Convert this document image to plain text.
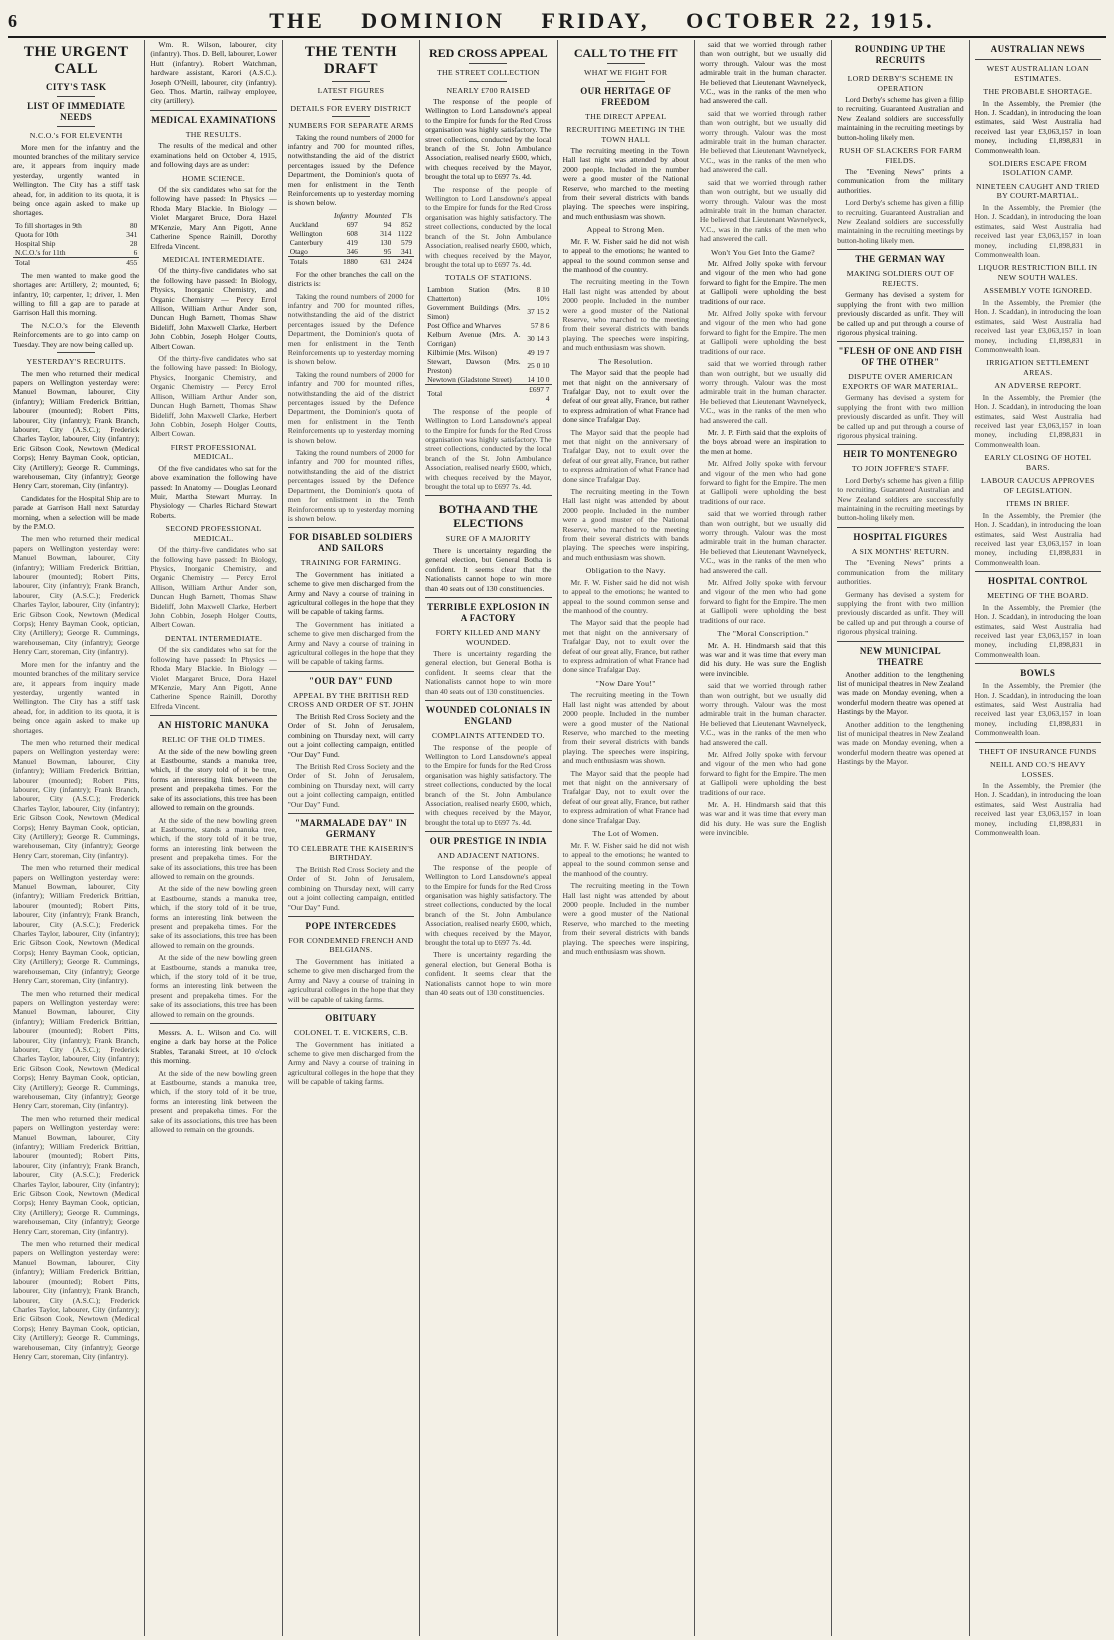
6	THE DOMINION FRIDAY, OCTOBER 22, 1915.
THE URGENT CALL
CITY'S TASK
LIST OF IMMEDIATE NEEDS
N.C.O.'s FOR ELEVENTH

More men for the infantry and the mounted branches of the military service are, it appears from inquiry made yesterday, urgently wanted in Wellington. The City has a stiff task ahead, for, in addition to its quota, it is being once again asked to make up shortages.

To fill shortages in 9th	80
Quota for 10th	341
Hospital Ship	28
N.C.O.'s for 11th	6
Total	455

The men wanted to make good the shortages are: Artillery, 2; mounted, 6; infantry, 10; carpenter, 1; driver, 1. Men willing to fill a gap are to parade at Garrison Hall this morning.

The N.C.O.'s for the Eleventh Reinforcements are to go into camp on Tuesday. They are now being called up.

YESTERDAY'S RECRUITS.

The men who returned their medical papers on Wellington yesterday were: Manuel Bowman, labourer, City (infantry); William Frederick Brittian, labourer (mounted); Robert Pitts, labourer, City (infantry); Frank Branch, labourer, City (A.S.C.); Frederick Charles Taylor, labourer, City (infantry); Eric Gibson Cook, Newtown (Medical Corps); Henry Bayman Cook, optician, City (Artillery); George R. Cummings, warehouseman, City (infantry); George Henry Carr, storeman, City (infantry).

Candidates for the Hospital Ship are to parade at Garrison Hall next Saturday morning, when a selection will be made by the P.M.O.

The men who returned their medical papers on Wellington yesterday were: Manuel Bowman, labourer, City (infantry); William Frederick Brittian, labourer (mounted); Robert Pitts, labourer, City (infantry); Frank Branch, labourer, City (A.S.C.); Frederick Charles Taylor, labourer, City (infantry); Eric Gibson Cook, Newtown (Medical Corps); Henry Bayman Cook, optician, City (Artillery); George R. Cummings, warehouseman, City (infantry); George Henry Carr, storeman, City (infantry).

More men for the infantry and the mounted branches of the military service are, it appears from inquiry made yesterday, urgently wanted in Wellington. The City has a stiff task ahead, for, in addition to its quota, it is being once again asked to make up shortages.

The men who returned their medical papers on Wellington yesterday were: Manuel Bowman, labourer, City (infantry); William Frederick Brittian, labourer (mounted); Robert Pitts, labourer, City (infantry); Frank Branch, labourer, City (A.S.C.); Frederick Charles Taylor, labourer, City (infantry); Eric Gibson Cook, Newtown (Medical Corps); Henry Bayman Cook, optician, City (Artillery); George R. Cummings, warehouseman, City (infantry); George Henry Carr, storeman, City (infantry).

The men who returned their medical papers on Wellington yesterday were: Manuel Bowman, labourer, City (infantry); William Frederick Brittian, labourer (mounted); Robert Pitts, labourer, City (infantry); Frank Branch, labourer, City (A.S.C.); Frederick Charles Taylor, labourer, City (infantry); Eric Gibson Cook, Newtown (Medical Corps); Henry Bayman Cook, optician, City (Artillery); George R. Cummings, warehouseman, City (infantry); George Henry Carr, storeman, City (infantry).

The men who returned their medical papers on Wellington yesterday were: Manuel Bowman, labourer, City (infantry); William Frederick Brittian, labourer (mounted); Robert Pitts, labourer, City (infantry); Frank Branch, labourer, City (A.S.C.); Frederick Charles Taylor, labourer, City (infantry); Eric Gibson Cook, Newtown (Medical Corps); Henry Bayman Cook, optician, City (Artillery); George R. Cummings, warehouseman, City (infantry); George Henry Carr, storeman, City (infantry).

The men who returned their medical papers on Wellington yesterday were: Manuel Bowman, labourer, City (infantry); William Frederick Brittian, labourer (mounted); Robert Pitts, labourer, City (infantry); Frank Branch, labourer, City (A.S.C.); Frederick Charles Taylor, labourer, City (infantry); Eric Gibson Cook, Newtown (Medical Corps); Henry Bayman Cook, optician, City (Artillery); George R. Cummings, warehouseman, City (infantry); George Henry Carr, storeman, City (infantry).

The men who returned their medical papers on Wellington yesterday were: Manuel Bowman, labourer, City (infantry); William Frederick Brittian, labourer (mounted); Robert Pitts, labourer, City (infantry); Frank Branch, labourer, City (A.S.C.); Frederick Charles Taylor, labourer, City (infantry); Eric Gibson Cook, Newtown (Medical Corps); Henry Bayman Cook, optician, City (Artillery); George R. Cummings, warehouseman, City (infantry); George Henry Carr, storeman, City (infantry).

Wm. R. Wilson, labourer, city (infantry). Thos. D. Bell, labourer, Lower Hutt (infantry). Robert Watchman, hardware assistant, Karori (A.S.C.). Joseph O'Neill, labourer, city (infantry). Geo. Thos. Martin, railway employee, city (artillery).

MEDICAL EXAMINATIONS
THE RESULTS.

The results of the medical and other examinations held on October 4, 1915, and following days are as under:

HOME SCIENCE.

Of the six candidates who sat for the following have passed: In Physics — Rhoda Mary Blackie. In Biology — Violet Margaret Bruce, Dora Hazel M'Kenzie, Mary Ann Pigott, Anne Catherine Spence Rainill, Dorothy Elfreda Vincent.

MEDICAL INTERMEDIATE.

Of the thirty-five candidates who sat the following have passed: In Biology, Physics, Inorganic Chemistry, and Organic Chemistry — Percy Errol Allison, William Arthur Ander son, Duncan Hugh Barnett, Thomas Shaw Bideliff, John Maxwell Clarke, Herbert John Cobbin, Joseph Holger Coutts, Albert Cowan.

Of the thirty-five candidates who sat the following have passed: In Biology, Physics, Inorganic Chemistry, and Organic Chemistry — Percy Errol Allison, William Arthur Ander son, Duncan Hugh Barnett, Thomas Shaw Bideliff, John Maxwell Clarke, Herbert John Cobbin, Joseph Holger Coutts, Albert Cowan.

FIRST PROFESSIONAL MEDICAL.

Of the five candidates who sat for the above examination the following have passed: In Anatomy — Douglas Leonard Muir, Martha Stewart Murray. In Physiology — Charles Richard Stewart Roberts.

SECOND PROFESSIONAL MEDICAL.

Of the thirty-five candidates who sat the following have passed: In Biology, Physics, Inorganic Chemistry, and Organic Chemistry — Percy Errol Allison, William Arthur Ander son, Duncan Hugh Barnett, Thomas Shaw Bideliff, John Maxwell Clarke, Herbert John Cobbin, Joseph Holger Coutts, Albert Cowan.

DENTAL INTERMEDIATE.

Of the six candidates who sat for the following have passed: In Physics — Rhoda Mary Blackie. In Biology — Violet Margaret Bruce, Dora Hazel M'Kenzie, Mary Ann Pigott, Anne Catherine Spence Rainill, Dorothy Elfreda Vincent.

AN HISTORIC MANUKA
RELIC OF THE OLD TIMES.

At the side of the new bowling green at Eastbourne, stands a manuka tree, which, if the story told of it be true, forms an interesting link between the present and prepakeha times. For the sake of its associations, this tree has been allowed to remain on the grounds.

At the side of the new bowling green at Eastbourne, stands a manuka tree, which, if the story told of it be true, forms an interesting link between the present and prepakeha times. For the sake of its associations, this tree has been allowed to remain on the grounds.

At the side of the new bowling green at Eastbourne, stands a manuka tree, which, if the story told of it be true, forms an interesting link between the present and prepakeha times. For the sake of its associations, this tree has been allowed to remain on the grounds.

At the side of the new bowling green at Eastbourne, stands a manuka tree, which, if the story told of it be true, forms an interesting link between the present and prepakeha times. For the sake of its associations, this tree has been allowed to remain on the grounds.

Messrs. A. L. Wilson and Co. will engine a dark bay horse at the Police Stables, Taranaki Street, at 10 o'clock this morning.

At the side of the new bowling green at Eastbourne, stands a manuka tree, which, if the story told of it be true, forms an interesting link between the present and prepakeha times. For the sake of its associations, this tree has been allowed to remain on the grounds.

THE TENTH DRAFT
LATEST FIGURES
DETAILS FOR EVERY DISTRICT
NUMBERS FOR SEPARATE ARMS

Taking the round numbers of 2000 for infantry and 700 for mounted rifles, notwithstanding the aid of the district percentages issued by the Defence Department, the Dominion's quota of men for enlistment in the Tenth Reinforcements up to yesterday morning is shown below.

	Infantry	Mounted	T'ls
Auckland	697	94	852
Wellington	608	314	1122
Canterbury	419	130	579
Otago	346	95	341
Totals	1880	631	2424

For the other branches the call on the districts is:

Taking the round numbers of 2000 for infantry and 700 for mounted rifles, notwithstanding the aid of the district percentages issued by the Defence Department, the Dominion's quota of men for enlistment in the Tenth Reinforcements up to yesterday morning is shown below.

Taking the round numbers of 2000 for infantry and 700 for mounted rifles, notwithstanding the aid of the district percentages issued by the Defence Department, the Dominion's quota of men for enlistment in the Tenth Reinforcements up to yesterday morning is shown below.

Taking the round numbers of 2000 for infantry and 700 for mounted rifles, notwithstanding the aid of the district percentages issued by the Defence Department, the Dominion's quota of men for enlistment in the Tenth Reinforcements up to yesterday morning is shown below.

FOR DISABLED SOLDIERS AND SAILORS
TRAINING FOR FARMING.

The Government has initiated a scheme to give men discharged from the Army and Navy a course of training in agricultural colleges in the hope that they will be capable of taking farms.

The Government has initiated a scheme to give men discharged from the Army and Navy a course of training in agricultural colleges in the hope that they will be capable of taking farms.

"OUR DAY" FUND
APPEAL BY THE BRITISH RED CROSS AND ORDER OF ST. JOHN

The British Red Cross Society and the Order of St. John of Jerusalem, combining on Thursday next, will carry out a joint collecting campaign, entitled "Our Day" Fund.

The British Red Cross Society and the Order of St. John of Jerusalem, combining on Thursday next, will carry out a joint collecting campaign, entitled "Our Day" Fund.

"MARMALADE DAY" IN GERMANY
TO CELEBRATE THE KAISERIN'S BIRTHDAY.

The British Red Cross Society and the Order of St. John of Jerusalem, combining on Thursday next, will carry out a joint collecting campaign, entitled "Our Day" Fund.

POPE INTERCEDES
FOR CONDEMNED FRENCH AND BELGIANS.

The Government has initiated a scheme to give men discharged from the Army and Navy a course of training in agricultural colleges in the hope that they will be capable of taking farms.

OBITUARY
COLONEL T. E. VICKERS, C.B.

The Government has initiated a scheme to give men discharged from the Army and Navy a course of training in agricultural colleges in the hope that they will be capable of taking farms.

RED CROSS APPEAL
THE STREET COLLECTION
NEARLY £700 RAISED

The response of the people of Wellington to Lord Lansdowne's appeal to the Empire for funds for the Red Cross organisation was highly satisfactory. The street collections, conducted by the local branch of the St. John Ambulance Association, realised nearly £600, which, with cheques received by the Mayor, brought the total up to £697 7s. 4d.

The response of the people of Wellington to Lord Lansdowne's appeal to the Empire for funds for the Red Cross organisation was highly satisfactory. The street collections, conducted by the local branch of the St. John Ambulance Association, realised nearly £600, which, with cheques received by the Mayor, brought the total up to £697 7s. 4d.

TOTALS OF STATIONS.
Lambton Station (Mrs. Chatterton)	8 10 10½
Government Buildings (Mrs. Simon)	37 15 2
Post Office and Wharves	57 8 6
Kelburn Avenue (Mrs. A. Corrigan)	30 14 3
Kilbirnie (Mrs. Wilson)	49 19 7
Stewart, Dawson (Mrs. Preston)	25 0 10
Newtown (Gladstone Street)	14 10 0
Total	£697 7 4

The response of the people of Wellington to Lord Lansdowne's appeal to the Empire for funds for the Red Cross organisation was highly satisfactory. The street collections, conducted by the local branch of the St. John Ambulance Association, realised nearly £600, which, with cheques received by the Mayor, brought the total up to £697 7s. 4d.

BOTHA AND THE ELECTIONS
SURE OF A MAJORITY

There is uncertainty regarding the general election, but General Botha is confident. It seems clear that the Nationalists cannot hope to win more than 40 seats out of 130 constituencies.

TERRIBLE EXPLOSION IN A FACTORY
FORTY KILLED AND MANY WOUNDED.

There is uncertainty regarding the general election, but General Botha is confident. It seems clear that the Nationalists cannot hope to win more than 40 seats out of 130 constituencies.

WOUNDED COLONIALS IN ENGLAND
COMPLAINTS ATTENDED TO.

The response of the people of Wellington to Lord Lansdowne's appeal to the Empire for funds for the Red Cross organisation was highly satisfactory. The street collections, conducted by the local branch of the St. John Ambulance Association, realised nearly £600, which, with cheques received by the Mayor, brought the total up to £697 7s. 4d.

OUR PRESTIGE IN INDIA
AND ADJACENT NATIONS.

The response of the people of Wellington to Lord Lansdowne's appeal to the Empire for funds for the Red Cross organisation was highly satisfactory. The street collections, conducted by the local branch of the St. John Ambulance Association, realised nearly £600, which, with cheques received by the Mayor, brought the total up to £697 7s. 4d.

There is uncertainty regarding the general election, but General Botha is confident. It seems clear that the Nationalists cannot hope to win more than 40 seats out of 130 constituencies.

CALL TO THE FIT
WHAT WE FIGHT FOR
OUR HERITAGE OF FREEDOM
THE DIRECT APPEAL
RECRUITING MEETING IN THE TOWN HALL

The recruiting meeting in the Town Hall last night was attended by about 2000 people. Included in the number were a good muster of the National Reserve, who marched to the meeting from their several districts with bands playing. The speeches were inspiring, and much enthusiasm was shown.

Appeal to Strong Men.

Mr. F. W. Fisher said he did not wish to appeal to the emotions; he wanted to appeal to the sound common sense and the manhood of the country.

The recruiting meeting in the Town Hall last night was attended by about 2000 people. Included in the number were a good muster of the National Reserve, who marched to the meeting from their several districts with bands playing. The speeches were inspiring, and much enthusiasm was shown.

The Resolution.

The Mayor said that the people had met that night on the anniversary of Trafalgar Day, not to exult over the defeat of our great ally, France, but rather to express admiration of what France had done since Trafalgar Day.

The Mayor said that the people had met that night on the anniversary of Trafalgar Day, not to exult over the defeat of our great ally, France, but rather to express admiration of what France had done since Trafalgar Day.

The recruiting meeting in the Town Hall last night was attended by about 2000 people. Included in the number were a good muster of the National Reserve, who marched to the meeting from their several districts with bands playing. The speeches were inspiring, and much enthusiasm was shown.

Obligation to the Navy.

Mr. F. W. Fisher said he did not wish to appeal to the emotions; he wanted to appeal to the sound common sense and the manhood of the country.

The Mayor said that the people had met that night on the anniversary of Trafalgar Day, not to exult over the defeat of our great ally, France, but rather to express admiration of what France had done since Trafalgar Day.

"Now Dare You!"

The recruiting meeting in the Town Hall last night was attended by about 2000 people. Included in the number were a good muster of the National Reserve, who marched to the meeting from their several districts with bands playing. The speeches were inspiring, and much enthusiasm was shown.

The Mayor said that the people had met that night on the anniversary of Trafalgar Day, not to exult over the defeat of our great ally, France, but rather to express admiration of what France had done since Trafalgar Day.

The Lot of Women.

Mr. F. W. Fisher said he did not wish to appeal to the emotions; he wanted to appeal to the sound common sense and the manhood of the country.

The recruiting meeting in the Town Hall last night was attended by about 2000 people. Included in the number were a good muster of the National Reserve, who marched to the meeting from their several districts with bands playing. The speeches were inspiring, and much enthusiasm was shown.

said that we worried through rather than won outright, but we usually did worry through. Valour was the most admirable trait in the human character. He believed that Lieutenant Wavnelyeck, V.C., was in the ranks of the men who had answered the call.

said that we worried through rather than won outright, but we usually did worry through. Valour was the most admirable trait in the human character. He believed that Lieutenant Wavnelyeck, V.C., was in the ranks of the men who had answered the call.

said that we worried through rather than won outright, but we usually did worry through. Valour was the most admirable trait in the human character. He believed that Lieutenant Wavnelyeck, V.C., was in the ranks of the men who had answered the call.

Won't You Get Into the Game?

Mr. Alfred Jolly spoke with fervour and vigour of the men who had gone forward to fight for the Empire. The men at Gallipoli were upholding the best traditions of our race.

Mr. Alfred Jolly spoke with fervour and vigour of the men who had gone forward to fight for the Empire. The men at Gallipoli were upholding the best traditions of our race.

said that we worried through rather than won outright, but we usually did worry through. Valour was the most admirable trait in the human character. He believed that Lieutenant Wavnelyeck, V.C., was in the ranks of the men who had answered the call.

Mr. J. P. Firth said that the exploits of the boys abroad were an inspiration to the men at home.

Mr. Alfred Jolly spoke with fervour and vigour of the men who had gone forward to fight for the Empire. The men at Gallipoli were upholding the best traditions of our race.

said that we worried through rather than won outright, but we usually did worry through. Valour was the most admirable trait in the human character. He believed that Lieutenant Wavnelyeck, V.C., was in the ranks of the men who had answered the call.

Mr. Alfred Jolly spoke with fervour and vigour of the men who had gone forward to fight for the Empire. The men at Gallipoli were upholding the best traditions of our race.

The "Moral Conscription."

Mr. A. H. Hindmarsh said that this was war and it was time that every man did his duty. He was sure the English were invincible.

said that we worried through rather than won outright, but we usually did worry through. Valour was the most admirable trait in the human character. He believed that Lieutenant Wavnelyeck, V.C., was in the ranks of the men who had answered the call.

Mr. Alfred Jolly spoke with fervour and vigour of the men who had gone forward to fight for the Empire. The men at Gallipoli were upholding the best traditions of our race.

Mr. A. H. Hindmarsh said that this was war and it was time that every man did his duty. He was sure the English were invincible.

ROUNDING UP THE RECRUITS
LORD DERBY'S SCHEME IN OPERATION

Lord Derby's scheme has given a fillip to recruiting. Guaranteed Australian and New Zealand soldiers are successfully maintaining in the recruiting meetings by button-holing likely men.

RUSH OF SLACKERS FOR FARM FIELDS.

The "Evening News" prints a communication from the military authorities.

Lord Derby's scheme has given a fillip to recruiting. Guaranteed Australian and New Zealand soldiers are successfully maintaining in the recruiting meetings by button-holing likely men.

THE GERMAN WAY
MAKING SOLDIERS OUT OF REJECTS.

Germany has devised a system for supplying the front with two million previously discarded as unfit. They will be called up and put through a course of rigorous physical training.

"FLESH OF ONE AND FISH OF THE OTHER"
DISPUTE OVER AMERICAN EXPORTS OF WAR MATERIAL.

Germany has devised a system for supplying the front with two million previously discarded as unfit. They will be called up and put through a course of rigorous physical training.

HEIR TO MONTENEGRO
TO JOIN JOFFRE'S STAFF.

Lord Derby's scheme has given a fillip to recruiting. Guaranteed Australian and New Zealand soldiers are successfully maintaining in the recruiting meetings by button-holing likely men.

HOSPITAL FIGURES
A SIX MONTHS' RETURN.

The "Evening News" prints a communication from the military authorities.

Germany has devised a system for supplying the front with two million previously discarded as unfit. They will be called up and put through a course of rigorous physical training.

NEW MUNICIPAL THEATRE

Another addition to the lengthening list of municipal theatres in New Zealand was made on Monday evening, when a wonderful modern theatre was opened at Hastings by the Mayor.

Another addition to the lengthening list of municipal theatres in New Zealand was made on Monday evening, when a wonderful modern theatre was opened at Hastings by the Mayor.

AUSTRALIAN NEWS
WEST AUSTRALIAN LOAN ESTIMATES.
THE PROBABLE SHORTAGE.

In the Assembly, the Premier (the Hon. J. Scaddan), in introducing the loan estimates, said West Australia had received last year £3,063,157 in loan money, including £1,898,831 in Commonwealth loan.

SOLDIERS ESCAPE FROM ISOLATION CAMP.
NINETEEN CAUGHT AND TRIED BY COURT-MARTIAL.

In the Assembly, the Premier (the Hon. J. Scaddan), in introducing the loan estimates, said West Australia had received last year £3,063,157 in loan money, including £1,898,831 in Commonwealth loan.

LIQUOR RESTRICTION BILL IN NEW SOUTH WALES.
ASSEMBLY VOTE IGNORED.

In the Assembly, the Premier (the Hon. J. Scaddan), in introducing the loan estimates, said West Australia had received last year £3,063,157 in loan money, including £1,898,831 in Commonwealth loan.

IRRIGATION SETTLEMENT AREAS.
AN ADVERSE REPORT.

In the Assembly, the Premier (the Hon. J. Scaddan), in introducing the loan estimates, said West Australia had received last year £3,063,157 in loan money, including £1,898,831 in Commonwealth loan.

EARLY CLOSING OF HOTEL BARS.
LABOUR CAUCUS APPROVES OF LEGISLATION.
ITEMS IN BRIEF.

In the Assembly, the Premier (the Hon. J. Scaddan), in introducing the loan estimates, said West Australia had received last year £3,063,157 in loan money, including £1,898,831 in Commonwealth loan.

HOSPITAL CONTROL
MEETING OF THE BOARD.

In the Assembly, the Premier (the Hon. J. Scaddan), in introducing the loan estimates, said West Australia had received last year £3,063,157 in loan money, including £1,898,831 in Commonwealth loan.

BOWLS

In the Assembly, the Premier (the Hon. J. Scaddan), in introducing the loan estimates, said West Australia had received last year £3,063,157 in loan money, including £1,898,831 in Commonwealth loan.

THEFT OF INSURANCE FUNDS
NEILL AND CO.'S HEAVY LOSSES.

In the Assembly, the Premier (the Hon. J. Scaddan), in introducing the loan estimates, said West Australia had received last year £3,063,157 in loan money, including £1,898,831 in Commonwealth loan.
